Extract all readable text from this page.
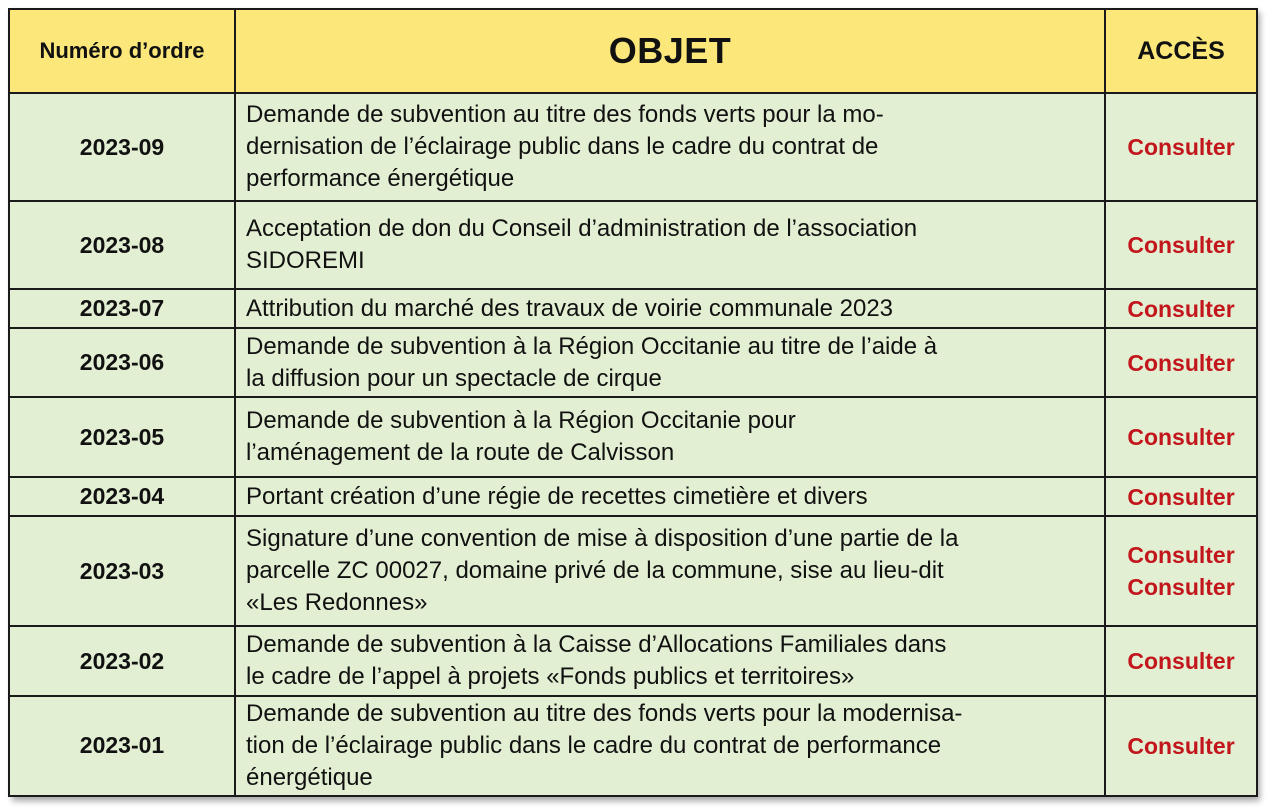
Numéro d’ordre	OBJET	ACCÈS
2023-09	Demande de subvention au titre des fonds verts pour la mo-
dernisation de l’éclairage public dans le cadre du contrat de
performance énergétique	Consulter

2023-08	Acceptation de don du Conseil d’administration de l’association
SIDOREMI	Consulter

2023-07	Attribution du marché des travaux de voirie communale 2023	Consulter

2023-06	Demande de subvention à la Région Occitanie au titre de l’aide à
la diffusion pour un spectacle de cirque	Consulter

2023-05	Demande de subvention à la Région Occitanie pour
l’aménagement de la route de Calvisson	Consulter

2023-04	Portant création d’une régie de recettes cimetière et divers	Consulter

2023-03	Signature d’une convention de mise à disposition d’une partie de la
parcelle ZC 00027, domaine privé de la commune, sise au lieu-dit
«Les Redonnes»	Consulter
Consulter

2023-02	Demande de subvention à la Caisse d’Allocations Familiales dans
le cadre de l’appel à projets «Fonds publics et territoires»	Consulter

2023-01	Demande de subvention au titre des fonds verts pour la modernisa-
tion de l’éclairage public dans le cadre du contrat de performance
énergétique	Consulter
